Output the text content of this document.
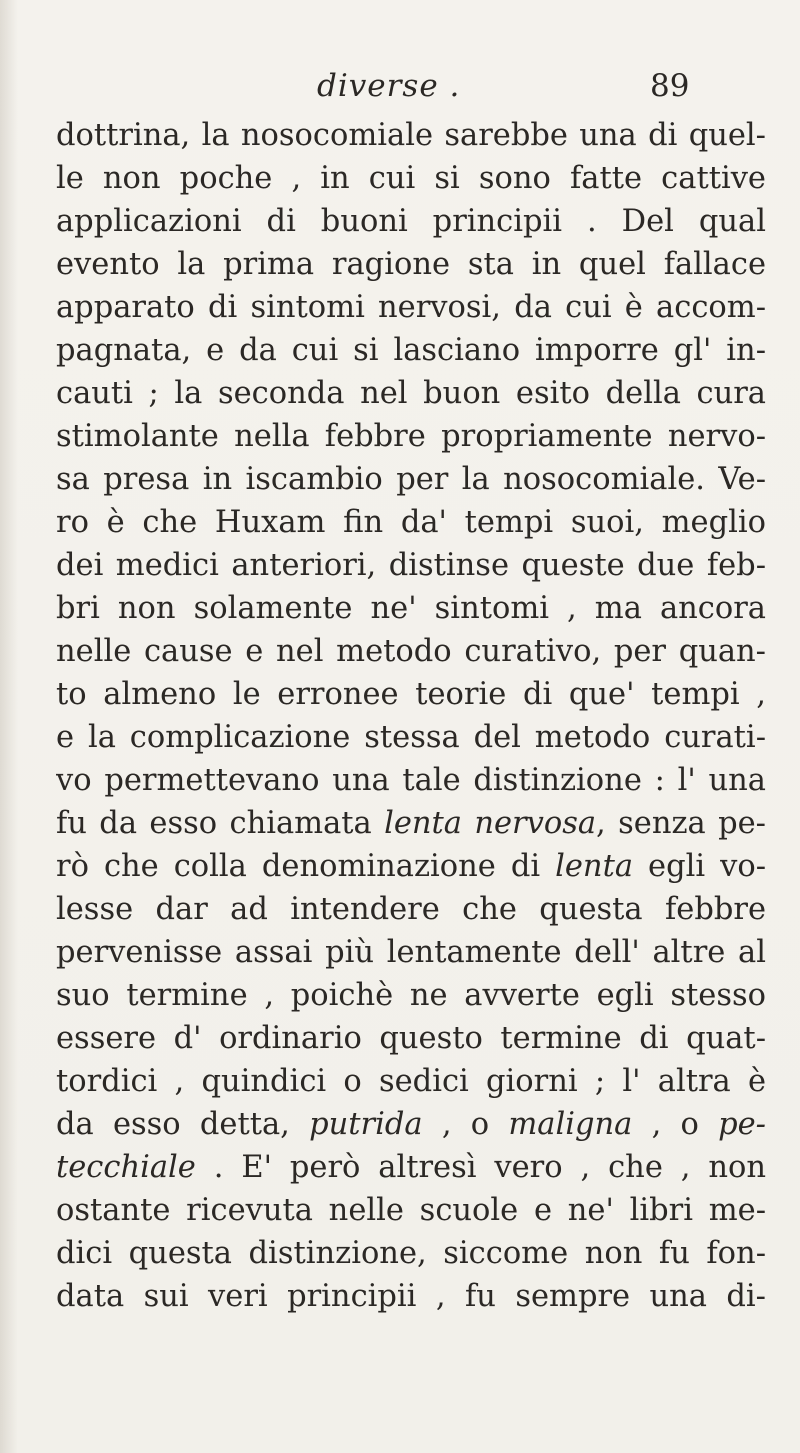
diverse .	89
dottrina, la nosocomiale sarebbe una di quel-
le non poche , in cui si sono fatte cattive
applicazioni di buoni principii . Del qual
evento la prima ragione sta in quel fallace
apparato di sintomi nervosi, da cui è accom-
pagnata, e da cui si lasciano imporre gl' in-
cauti ; la seconda nel buon esito della cura
stimolante nella febbre propriamente nervo-
sa presa in iscambio per la nosocomiale. Ve-
ro è che Huxam fin da' tempi suoi, meglio
dei medici anteriori, distinse queste due feb-
bri non solamente ne' sintomi , ma ancora
nelle cause e nel metodo curativo, per quan-
to almeno le erronee teorie di que' tempi ,
e la complicazione stessa del metodo curati-
vo permettevano una tale distinzione : l' una
fu da esso chiamata lenta nervosa, senza pe-
rò che colla denominazione di lenta egli vo-
lesse dar ad intendere che questa febbre
pervenisse assai più lentamente dell' altre al
suo termine , poichè ne avverte egli stesso
essere d' ordinario questo termine di quat-
tordici , quindici o sedici giorni ; l' altra è
da esso detta, putrida , o maligna , o pe-
tecchiale . E' però altresì vero , che , non
ostante ricevuta nelle scuole e ne' libri me-
dici questa distinzione, siccome non fu fon-
data sui veri principii , fu sempre una di-
